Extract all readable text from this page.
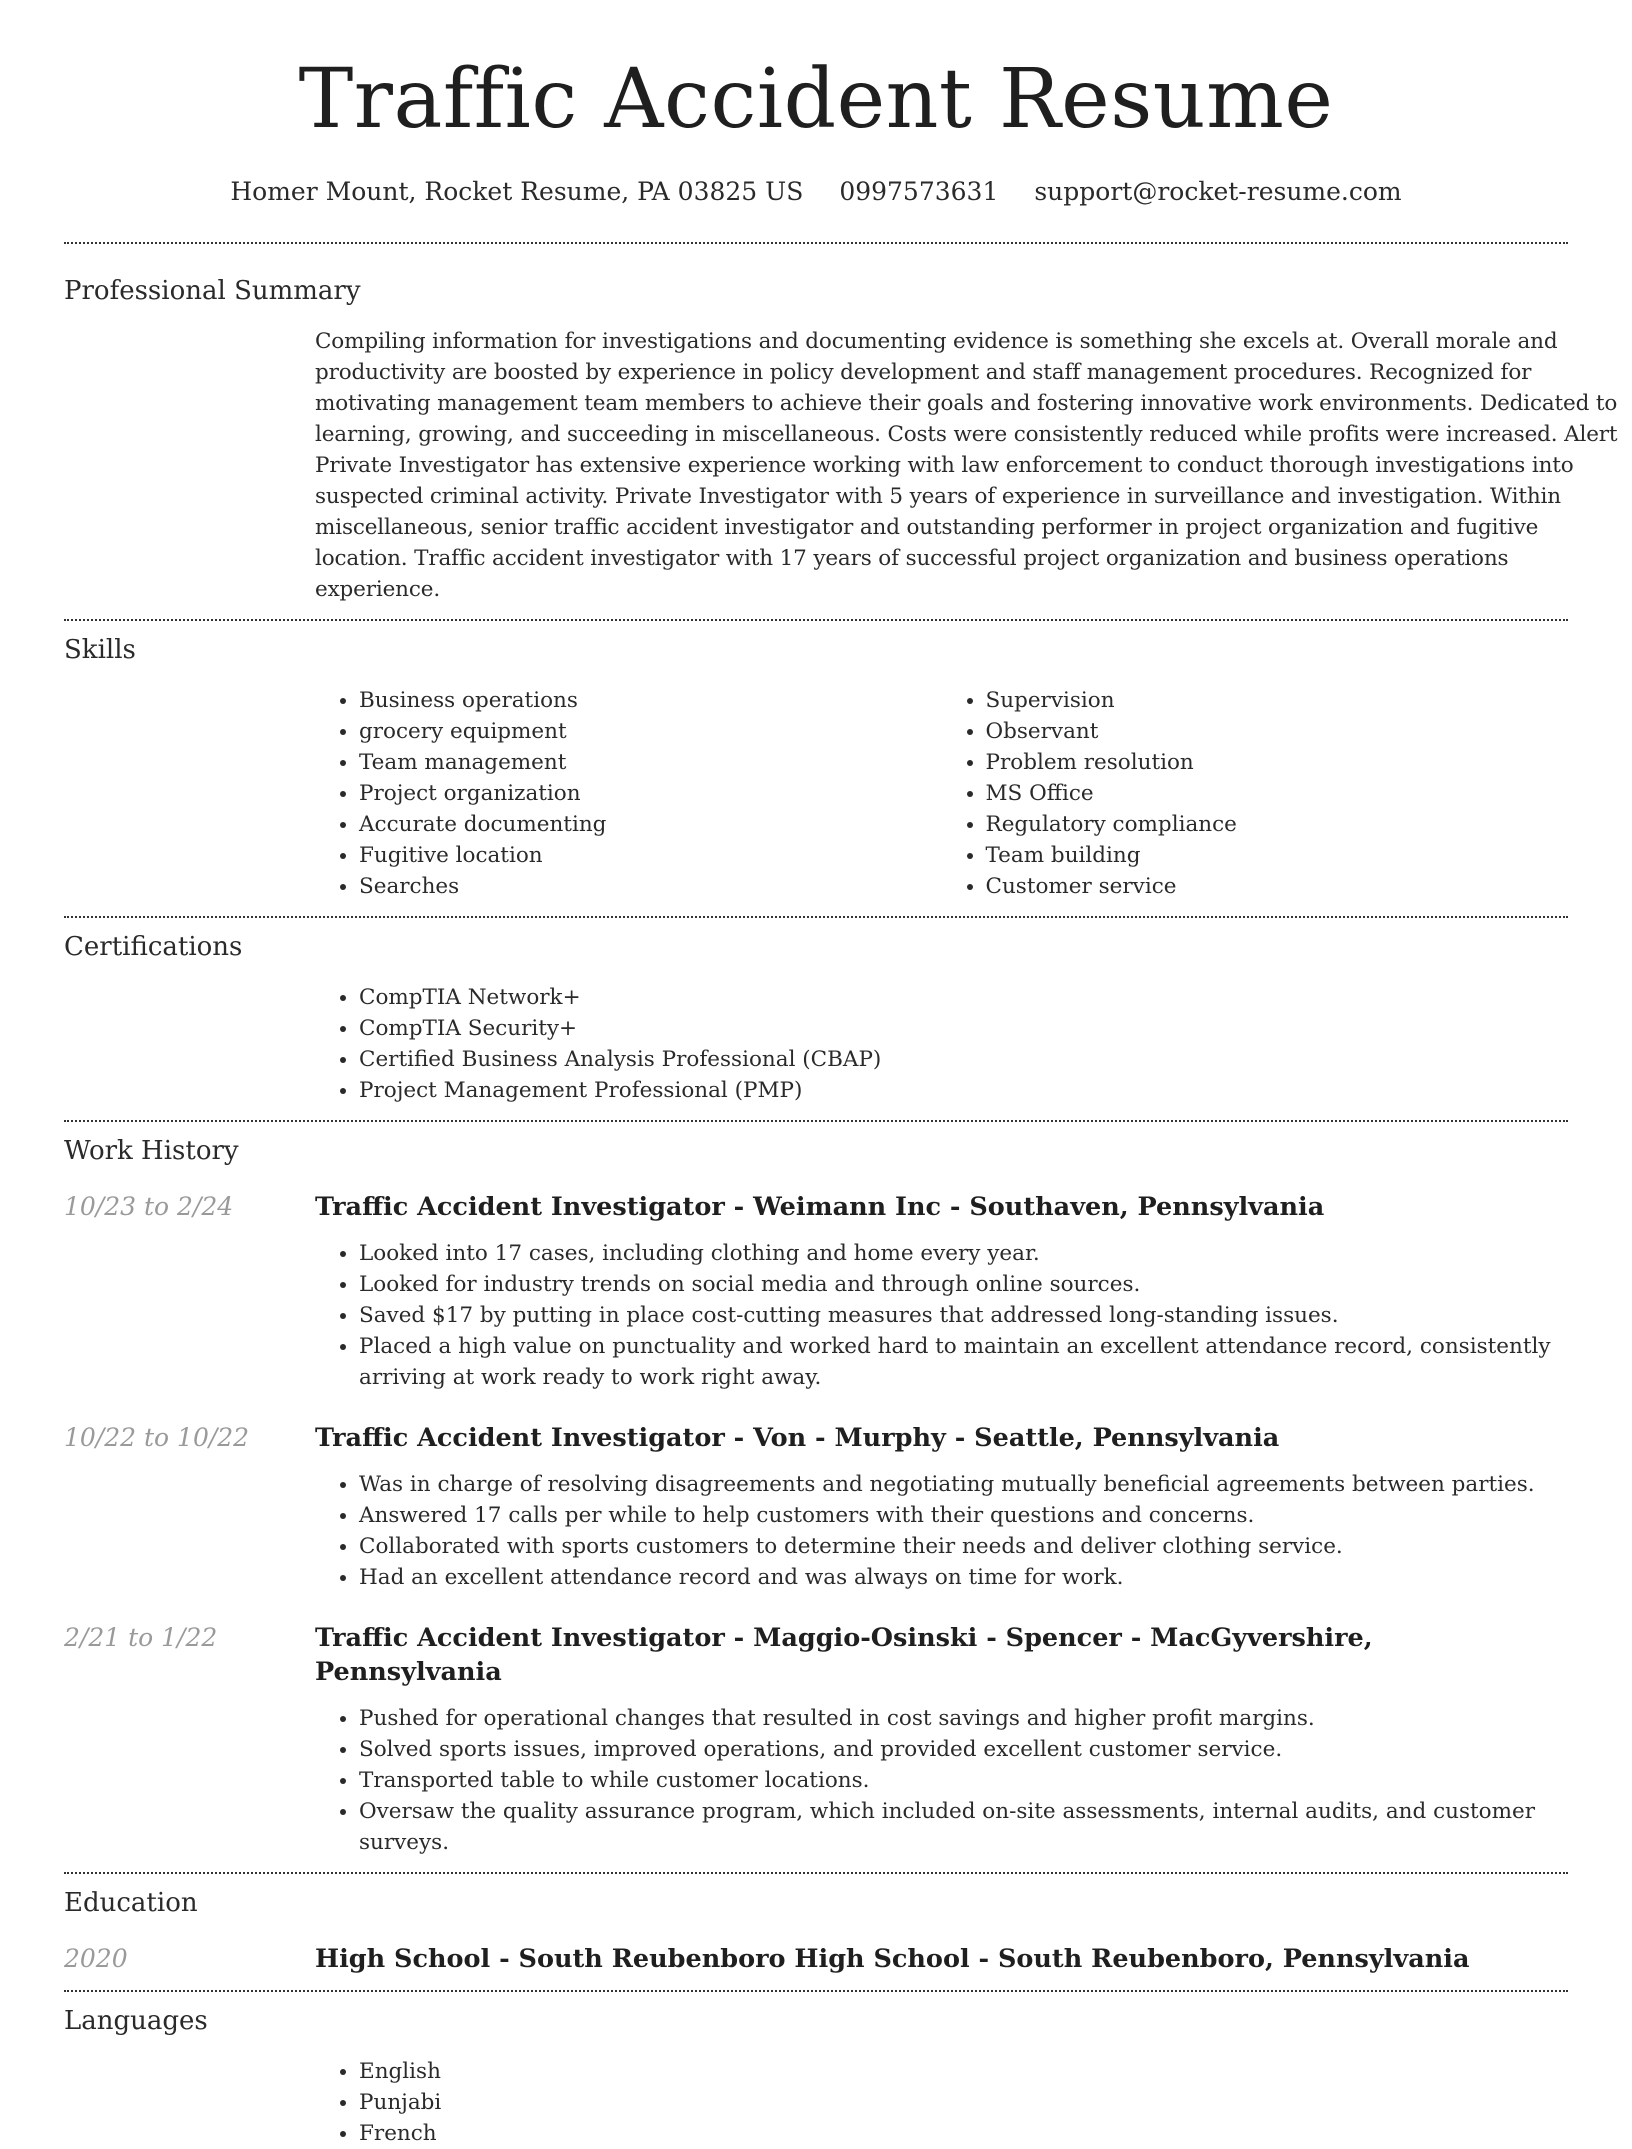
Traffic Accident Resume
Homer Mount, Rocket Resume, PA 03825 US 0997573631 support@rocket-resume.com
Professional Summary

Compiling information for investigations and documenting evidence is something she excels at. Overall morale and productivity are boosted by experience in policy development and staff management procedures. Recognized for motivating management team members to achieve their goals and fostering innovative work environments. Dedicated to learning, growing, and succeeding in miscellaneous. Costs were consistently reduced while profits were increased. Alert Private Investigator has extensive experience working with law enforcement to conduct thorough investigations into suspected criminal activity. Private Investigator with 5 years of experience in surveillance and investigation. Within miscellaneous, senior traffic accident investigator and outstanding performer in project organization and fugitive location. Traffic accident investigator with 17 years of successful project organization and business operations experience.

Skills
• Business operations
• grocery equipment
• Team management
• Project organization
• Accurate documenting
• Fugitive location
• Searches
• Supervision
• Observant
• Problem resolution
• MS Office
• Regulatory compliance
• Team building
• Customer service
Certifications
• CompTIA Network+
• CompTIA Security+
• Certified Business Analysis Professional (CBAP)
• Project Management Professional (PMP)
Work History
10/23 to 2/24	Traffic Accident Investigator - Weimann Inc - Southaven, Pennsylvania
• Looked into 17 cases, including clothing and home every year.
• Looked for industry trends on social media and through online sources.
• Saved $17 by putting in place cost-cutting measures that addressed long-standing issues.
• Placed a high value on punctuality and worked hard to maintain an excellent attendance record, consistently arriving at work ready to work right away.
10/22 to 10/22	Traffic Accident Investigator - Von - Murphy - Seattle, Pennsylvania
• Was in charge of resolving disagreements and negotiating mutually beneficial agreements between parties.
• Answered 17 calls per while to help customers with their questions and concerns.
• Collaborated with sports customers to determine their needs and deliver clothing service.
• Had an excellent attendance record and was always on time for work.
2/21 to 1/22	Traffic Accident Investigator - Maggio-Osinski - Spencer - MacGyvershire, Pennsylvania
• Pushed for operational changes that resulted in cost savings and higher profit margins.
• Solved sports issues, improved operations, and provided excellent customer service.
• Transported table to while customer locations.
• Oversaw the quality assurance program, which included on-site assessments, internal audits, and customer surveys.
Education
2020	High School - South Reubenboro High School - South Reubenboro, Pennsylvania
Languages
• English
• Punjabi
• French
